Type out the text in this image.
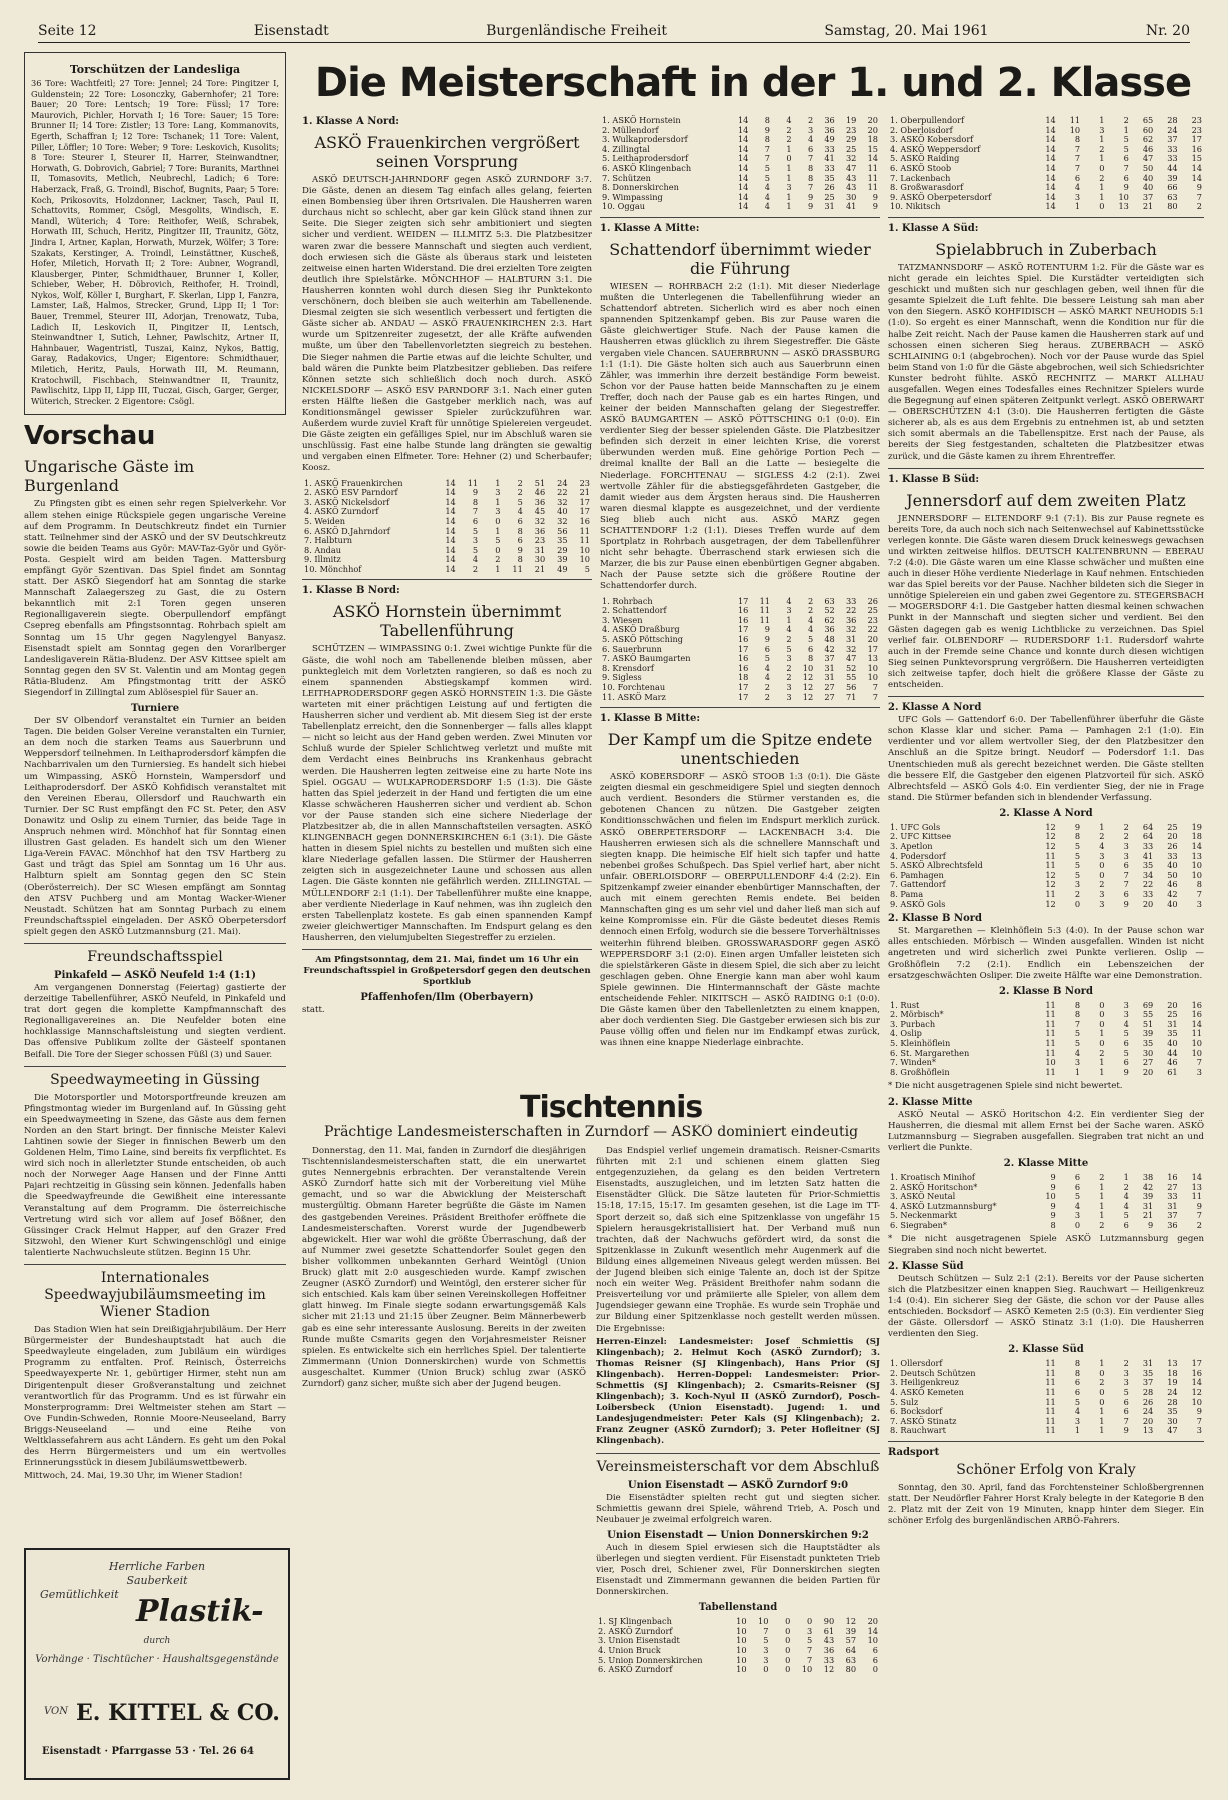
Seite 12	Eisenstadt	Burgenländische Freiheit	Samstag, 20. Mai 1961	Nr. 20
Die Meisterschaft in der 1. und 2. Klasse
Torschützen der Landesliga

36 Tore: Wachtfeitl; 27 Tore: Jennel; 24 Tore: Pingitzer I, Guldenstein; 22 Tore: Losonczky, Gabernhofer; 21 Tore: Bauer; 20 Tore: Lentsch; 19 Tore: Füssl; 17 Tore: Maurovich, Pichler, Horvath I; 16 Tore: Sauer; 15 Tore: Brunner II; 14 Tore: Zistler; 13 Tore: Lang, Kommanovits, Egerth, Schaffran I; 12 Tore: Tschanek; 11 Tore: Valent, Piller, Löffler; 10 Tore: Weber; 9 Tore: Leskovich, Kusolits; 8 Tore: Steurer I, Steurer II, Harrer, Steinwandtner, Horwath, G. Dobrovich, Gabriel; 7 Tore: Buranits, Marthnei II, Tomasovits, Metlich, Neubrechl, Ladich; 6 Tore: Haberzack, Fraß, G. Troindl, Bischof, Bugnits, Paar; 5 Tore: Koch, Prikosovits, Holzdonner, Lackner, Tasch, Paul II, Schattovits, Rommer, Csögl, Mesgolits, Windisch, E. Mandl, Wüterich; 4 Tore: Reithofer, Weiß, Schrabek, Horwath III, Schuch, Heritz, Pingitzer III, Traunitz, Götz, Jindra I, Artner, Kaplan, Horwath, Murzek, Wölfer; 3 Tore: Szakats, Kerstinger, A. Troindl, Leinstättner, Kuscheß, Hofer, Miletich, Horvath II; 2 Tore: Aubner, Wograndl, Klausberger, Pinter, Schmidthauer, Brunner I, Koller, Schieber, Weber, H. Döbrovich, Reithofer, H. Troindl, Nykos, Wolf, Köller I, Burghart, F. Skerlan, Lipp I, Fanzra, Lamster, Laß, Halmos, Strecker, Grund, Lipp II; 1 Tor: Bauer, Tremmel, Steurer III, Adorjan, Trenowatz, Tuba, Ladich II, Leskovich II, Pingitzer II, Lentsch, Steinwandtner I, Sutich, Lehner, Pawlschitz, Artner II, Hahnbauer, Wagentristl, Tuszai, Kainz, Nykos, Battig, Garay, Radakovics, Unger; Eigentore: Schmidthauer, Miletich, Heritz, Pauls, Horwath III, M. Reumann, Kratochwill, Fischbach, Steinwandtner II, Traunitz, Pawlischitz, Lipp II, Lipp III, Tuczai, Gisch, Garger, Gerger, Wüterich, Strecker. 2 Eigentore: Csögl.

Vorschau
Ungarische Gäste im Burgenland

Zu Pfingsten gibt es einen sehr regen Spielverkehr. Vor allem stehen einige Rückspiele gegen ungarische Vereine auf dem Programm. In Deutschkreutz findet ein Turnier statt. Teilnehmer sind der ASKÖ und der SV Deutschkreutz sowie die beiden Teams aus Györ: MAV-Taz-Györ und Györ-Posta. Gespielt wird am beiden Tagen. Mattersburg empfängt Györ Szentivan. Das Spiel findet am Sonntag statt. Der ASKÖ Siegendorf hat am Sonntag die starke Mannschaft Zalaegerszeg zu Gast, die zu Ostern bekanntlich mit 2:1 Toren gegen unseren Regionalligaverein siegte. Oberpullendorf empfängt Csepreg ebenfalls am Pfingstsonntag. Rohrbach spielt am Sonntag um 15 Uhr gegen Nagylengyel Banyasz. Eisenstadt spielt am Sonntag gegen den Vorarlberger Landesligaverein Rätia-Bludenz. Der ASV Kittsee spielt am Sonntag gegen den SV St. Valentin und am Montag gegen Rätia-Bludenz. Am Pfingstmontag tritt der ASKÖ Siegendorf in Zillingtal zum Ablösespiel für Sauer an.

Turniere

Der SV Olbendorf veranstaltet ein Turnier an beiden Tagen. Die beiden Golser Vereine veranstalten ein Turnier, an dem noch die starken Teams aus Sauerbrunn und Weppersdorf teilnehmen. In Leithaprodersdorf kämpfen die Nachbarrivalen um den Turniersieg. Es handelt sich hiebei um Wimpassing, ASKÖ Hornstein, Wampersdorf und Leithaprodersdorf. Der ASKÖ Kohfidisch veranstaltet mit den Vereinen Eberau, Ollersdorf und Rauchwarth ein Turnier. Der SC Rust empfängt den FC St. Peter, den ASV Donawitz und Oslip zu einem Turnier, das beide Tage in Anspruch nehmen wird. Mönchhof hat für Sonntag einen illustren Gast geladen. Es handelt sich um den Wiener Liga-Verein FAVAC. Mönchhof hat den TSV Hartberg zu Gast und trägt das Spiel am Sonntag um 16 Uhr aus. Halbturn spielt am Sonntag gegen den SC Stein (Oberösterreich). Der SC Wiesen empfängt am Sonntag den ATSV Puchberg und am Montag Wacker-Wiener Neustadt. Schützen hat am Sonntag Purbach zu einem Freundschaftsspiel eingeladen. Der ASKÖ Oberpetersdorf spielt gegen den ASKÖ Lutzmannsburg (21. Mai).

Freundschaftsspiel
Pinkafeld — ASKÖ Neufeld 1:4 (1:1)

Am vergangenen Donnerstag (Feiertag) gastierte der derzeitige Tabellenführer, ASKÖ Neufeld, in Pinkafeld und trat dort gegen die komplette Kampfmannschaft des Regionalligavereines an. Die Neufelder boten eine hochklassige Mannschaftsleistung und siegten verdient. Das offensive Publikum zollte der Gästeelf spontanen Beifall. Die Tore der Sieger schossen Füßl (3) und Sauer.

Speedwaymeeting in Güssing

Die Motorsportler und Motorsportfreunde kreuzen am Pfingstmontag wieder im Burgenland auf. In Güssing geht ein Speedwaymeeting in Szene, das Gäste aus dem fernen Norden an den Start bringt. Der finnische Meister Kalevi Lahtinen sowie der Sieger in finnischen Bewerb um den Goldenen Helm, Timo Laine, sind bereits fix verpflichtet. Es wird sich noch in allerletzter Stunde entscheiden, ob auch noch der Norweger Aage Hansen und der Finne Antti Pajari rechtzeitig in Güssing sein können. Jedenfalls haben die Speedwayfreunde die Gewißheit eine interessante Veranstaltung auf dem Programm. Die österreichische Vertretung wird sich vor allem auf Josef Bößner, den Güssinger Crack Helmut Happer, auf den Grazer Fred Sitzwohl, den Wiener Kurt Schwingenschlögl und einige talentierte Nachwuchsleute stützen. Beginn 15 Uhr.

Internationales Speedwayjubiläumsmeeting im Wiener Stadion

Das Stadion Wien hat sein Dreißigjahrjubiläum. Der Herr Bürgermeister der Bundeshauptstadt hat auch die Speedwayleute eingeladen, zum Jubiläum ein würdiges Programm zu entfalten. Prof. Reinisch, Österreichs Speedwayexperte Nr. 1, gebürtiger Hirmer, steht nun am Dirigentenpult dieser Großveranstaltung und zeichnet verantwortlich für das Programm. Und es ist fürwahr ein Monsterprogramm: Drei Weltmeister stehen am Start — Ove Fundin-Schweden, Ronnie Moore-Neuseeland, Barry Briggs-Neuseeland — und eine Reihe von Weltklassefahrern aus acht Ländern. Es geht um den Pokal des Herrn Bürgermeisters und um ein wertvolles Erinnerungsstück in diesem Jubiläumswettbewerb.

Mittwoch, 24. Mai, 19.30 Uhr, im Wiener Stadion!

Herrliche Farben
Sauberkeit
Gemütlichkeit
durch
Plastik-
Vorhänge · Tischtücher · Haushaltsgegenstände
VON E. KITTEL & CO.
Eisenstadt · Pfarrgasse 53 · Tel. 26 64
1. Klasse A Nord:
ASKÖ Frauenkirchen vergrößert seinen Vorsprung

ASKÖ DEUTSCH-JAHRNDORF gegen ASKÖ ZURNDORF 3:7. Die Gäste, denen an diesem Tag einfach alles gelang, feierten einen Bombensieg über ihren Ortsrivalen. Die Hausherren waren durchaus nicht so schlecht, aber gar kein Glück stand ihnen zur Seite. Die Sieger zeigten sich sehr ambitioniert und siegten sicher und verdient. WEIDEN — ILLMITZ 5:3. Die Platzbesitzer waren zwar die bessere Mannschaft und siegten auch verdient, doch erwiesen sich die Gäste als überaus stark und leisteten zeitweise einen harten Widerstand. Die drei erzielten Tore zeigten deutlich ihre Spielstärke. MÖNCHHOF — HALBTURN 3:1. Die Hausherren konnten wohl durch diesen Sieg ihr Punktekonto verschönern, doch bleiben sie auch weiterhin am Tabellenende. Diesmal zeigten sie sich wesentlich verbessert und fertigten die Gäste sicher ab. ANDAU — ASKÖ FRAUENKIRCHEN 2:3. Hart wurde um Spitzenreiter zugesetzt, der alle Kräfte aufwenden mußte, um über den Tabellenvorletzten siegreich zu bestehen. Die Sieger nahmen die Partie etwas auf die leichte Schulter, und bald wären die Punkte beim Platzbesitzer geblieben. Das reifere Können setzte sich schließlich doch noch durch. ASKÖ NICKELSDORF — ASKÖ ESV PARNDORF 3:1. Nach einer guten ersten Hälfte ließen die Gastgeber merklich nach, was auf Konditionsmängel gewisser Spieler zurückzuführen war. Außerdem wurde zuviel Kraft für unnötige Spielereien vergeudet. Die Gäste zeigten ein gefälliges Spiel, nur im Abschluß waren sie unschlüssig. Fast eine halbe Stunde lang drängten sie gewaltig und vergaben einen Elfmeter. Tore: Hehner (2) und Scherbaufer; Koosz.

1. ASKÖ Frauenkirchen	14	11	1	2	51	24	23
2. ASKÖ ESV Parndorf	14	9	3	2	46	22	21
3. ASKÖ Nickelsdorf	14	8	1	5	36	32	17
4. ASKÖ Zurndorf	14	7	3	4	45	40	17
5. Weiden	14	6	0	6	32	32	16
6. ASKÖ D.Jahrndorf	14	5	1	8	36	56	11
7. Halbturn	14	3	5	6	23	35	11
8. Andau	14	5	0	9	31	29	10
9. Illmitz	14	4	2	8	30	39	10
10. Mönchhof	14	2	1	11	21	49	5
1. Klasse B Nord:
ASKÖ Hornstein übernimmt Tabellenführung

SCHÜTZEN — WIMPASSING 0:1. Zwei wichtige Punkte für die Gäste, die wohl noch am Tabellenende bleiben müssen, aber punktegleich mit dem Vorletzten rangieren, so daß es noch zu einem spannenden Abstiegskampf kommen wird. LEITHAPRODERSDORF gegen ASKÖ HORNSTEIN 1:3. Die Gäste warteten mit einer prächtigen Leistung auf und fertigten die Hausherren sicher und verdient ab. Mit diesem Sieg ist der erste Tabellenplatz erreicht, den die Sonnenberger — falls alles klappt — nicht so leicht aus der Hand geben werden. Zwei Minuten vor Schluß wurde der Spieler Schlichtweg verletzt und mußte mit dem Verdacht eines Beinbruchs ins Krankenhaus gebracht werden. Die Hausherren legten zeitweise eine zu harte Note ins Spiel. OGGAU — WULKAPRODERSDORF 1:5 (1:3). Die Gäste hatten das Spiel jederzeit in der Hand und fertigten die um eine Klasse schwächeren Hausherren sicher und verdient ab. Schon vor der Pause standen sich eine sichere Niederlage der Platzbesitzer ab, die in allen Mannschaftsteilen versagten. ASKÖ KLINGENBACH gegen DONNERSKIRCHEN 6:1 (3:1). Die Gäste hatten in diesem Spiel nichts zu bestellen und mußten sich eine klare Niederlage gefallen lassen. Die Stürmer der Hausherren zeigten sich in ausgezeichneter Laune und schossen aus allen Lagen. Die Gäste konnten nie gefährlich werden. ZILLINGTAL — MÜLLENDORF 2:1 (1:1). Der Tabellenführer mußte eine knappe, aber verdiente Niederlage in Kauf nehmen, was ihn zugleich den ersten Tabellenplatz kostete. Es gab einen spannenden Kampf zweier gleichwertiger Mannschaften. Im Endspurt gelang es den Hausherren, den vielumjubelten Siegestreffer zu erzielen.

Am Pfingstsonntag, dem 21. Mai, findet um 16 Uhr ein Freundschaftsspiel in Großpetersdorf gegen den deutschen Sportklub

Pfaffenhofen/Ilm (Oberbayern)

statt.

1. ASKÖ Hornstein	14	8	4	2	36	19	20
2. Müllendorf	14	9	2	3	36	23	20
3. Wulkaprodersdorf	14	8	2	4	49	29	18
4. Zillingtal	14	7	1	6	33	25	15
5. Leithaprodersdorf	14	7	0	7	41	32	14
6. ASKÖ Klingenbach	14	5	1	8	33	47	11
7. Schützen	14	5	1	8	35	43	11
8. Donnerskirchen	14	4	3	7	26	43	11
9. Wimpassing	14	4	1	9	25	30	9
10. Oggau	14	4	1	9	31	41	9
1. Klasse A Mitte:
Schattendorf übernimmt wieder die Führung

WIESEN — ROHRBACH 2:2 (1:1). Mit dieser Niederlage mußten die Unterlegenen die Tabellenführung wieder an Schattendorf abtreten. Sicherlich wird es aber noch einen spannenden Spitzenkampf geben. Bis zur Pause waren die Gäste gleichwertiger Stufe. Nach der Pause kamen die Hausherren etwas glücklich zu ihrem Siegestreffer. Die Gäste vergaben viele Chancen. SAUERBRUNN — ASKÖ DRASSBURG 1:1 (1:1). Die Gäste holten sich auch aus Sauerbrunn einen Zähler, was immerhin ihre derzeit beständige Form beweist. Schon vor der Pause hatten beide Mannschaften zu je einem Treffer, doch nach der Pause gab es ein hartes Ringen, und keiner der beiden Mannschaften gelang der Siegestreffer. ASKÖ BAUMGARTEN — ASKÖ PÖTTSCHING 0:1 (0:0). Ein verdienter Sieg der besser spielenden Gäste. Die Platzbesitzer befinden sich derzeit in einer leichten Krise, die vorerst überwunden werden muß. Eine gehörige Portion Pech — dreimal knallte der Ball an die Latte — besiegelte die Niederlage. FORCHTENAU — SIGLESS 4:2 (2:1). Zwei wertvolle Zähler für die abstiegsgefährdeten Gastgeber, die damit wieder aus dem Ärgsten heraus sind. Die Hausherren waren diesmal klappte es ausgezeichnet, und der verdiente Sieg blieb auch nicht aus. ASKÖ MARZ gegen SCHATTENDORF 1:2 (1:1). Dieses Treffen wurde auf dem Sportplatz in Rohrbach ausgetragen, der dem Tabellenführer nicht sehr behagte. Überraschend stark erwiesen sich die Marzer, die bis zur Pause einen ebenbürtigen Gegner abgaben. Nach der Pause setzte sich die größere Routine der Schattendorfer durch.

1. Rohrbach	17	11	4	2	63	33	26
2. Schattendorf	16	11	3	2	52	22	25
3. Wiesen	16	11	1	4	62	36	23
4. ASKÖ Draßburg	17	9	4	4	36	32	22
5. ASKÖ Pöttsching	16	9	2	5	48	31	20
6. Sauerbrunn	17	6	5	6	42	32	17
7. ASKÖ Baumgarten	16	5	3	8	37	47	13
8. Krensdorf	16	4	2	10	31	52	10
9. Sigless	18	4	2	12	31	55	10
10. Forchtenau	17	2	3	12	27	56	7
11. ASKÖ Marz	17	2	3	12	27	71	7
1. Klasse B Mitte:
Der Kampf um die Spitze endete unentschieden

ASKÖ KOBERSDORF — ASKÖ STOOB 1:3 (0:1). Die Gäste zeigten diesmal ein geschmeidigere Spiel und siegten dennoch auch verdient. Besonders die Stürmer verstanden es, die gebotenen Chancen zu nützen. Die Gastgeber zeigten Konditionsschwächen und fielen im Endspurt merklich zurück. ASKÖ OBERPETERSDORF — LACKENBACH 3:4. Die Hausherren erwiesen sich als die schnellere Mannschaft und siegten knapp. Die heimische Elf hielt sich tapfer und hatte nebenbei großes Schußpech. Das Spiel verlief hart, aber nicht unfair. OBERLOISDORF — OBERPULLENDORF 4:4 (2:2). Ein Spitzenkampf zweier einander ebenbürtiger Mannschaften, der auch mit einem gerechten Remis endete. Bei beiden Mannschaften ging es um sehr viel und daher ließ man sich auf keine Kompromisse ein. Für die Gäste bedeutet dieses Remis dennoch einen Erfolg, wodurch sie die bessere Torverhältnisses weiterhin führend bleiben. GROSSWARASDORF gegen ASKÖ WEPPERSDORF 3:1 (2:0). Einen argen Umfaller leisteten sich die spielstärkeren Gäste in diesem Spiel, die sich aber zu leicht geschlagen geben. Ohne Energie kann man aber wohl kaum Spiele gewinnen. Die Hintermannschaft der Gäste machte entscheidende Fehler. NIKITSCH — ASKÖ RAIDING 0:1 (0:0). Die Gäste kamen über den Tabellenletzten zu einem knappen, aber doch verdienten Sieg. Die Gastgeber erwiesen sich bis zur Pause völlig offen und fielen nur im Endkampf etwas zurück, was ihnen eine knappe Niederlage einbrachte.

Tischtennis
Prächtige Landesmeisterschaften in Zurndorf — ASKÖ dominiert eindeutig

Donnerstag, den 11. Mai, fanden in Zurndorf die diesjährigen Tischtennislandesmeisterschaften statt, die ein unerwartet gutes Nennergebnis erbrachten. Der veranstaltende Verein ASKÖ Zurndorf hatte sich mit der Vorbereitung viel Mühe gemacht, und so war die Abwicklung der Meisterschaft mustergültig. Obmann Hareter begrüßte die Gäste im Namen des gastgebenden Vereines. Präsident Breithofer eröffnete die Landesmeisterschaften. Vorerst wurde der Jugendbewerb abgewickelt. Hier war wohl die größte Überraschung, daß der auf Nummer zwei gesetzte Schattendorfer Soulet gegen den bisher vollkommen unbekannten Gerhard Weintögl (Union Bruck) glatt mit 2:0 ausgeschieden wurde. Kampf zwischen Zeugner (ASKÖ Zurndorf) und Weintögl, den ersterer sicher für sich entschied. Kals kam über seinen Vereinskollegen Hoffeitner glatt hinweg. Im Finale siegte sodann erwartungsgemäß Kals sicher mit 21:13 und 21:15 über Zeugner. Beim Männerbewerb gab es eine sehr interessante Auslosung. Bereits in der zweiten Runde mußte Csmarits gegen den Vorjahresmeister Reisner spielen. Es entwickelte sich ein herrliches Spiel. Der talentierte Zimmermann (Union Donnerskirchen) wurde von Schmettis ausgeschaltet. Kummer (Union Bruck) schlug zwar (ASKÖ Zurndorf) ganz sicher, mußte sich aber der Jugend beugen.

Das Endspiel verlief ungemein dramatisch. Reisner-Csmarits führten mit 2:1 und schienen einem glatten Sieg entgegenzuziehen, da gelang es den beiden Vertretern Eisenstadts, auszugleichen, und im letzten Satz hatten die Eisenstädter Glück. Die Sätze lauteten für Prior-Schmiettis 15:18, 17:15, 15:17. Im gesamten gesehen, ist die Lage im TT-Sport derzeit so, daß sich eine Spitzenklasse von ungefähr 15 Spielern herausgekristallisiert hat. Der Verband muß nun trachten, daß der Nachwuchs gefördert wird, da sonst die Spitzenklasse in Zukunft wesentlich mehr Augenmerk auf die Bildung eines allgemeinen Niveaus gelegt werden müssen. Bei der Jugend bleiben sich einige Talente an, doch ist der Spitze noch ein weiter Weg. Präsident Breithofer nahm sodann die Preisverteilung vor und prämiierte alle Spieler, von allem dem Jugendsieger gewann eine Trophäe. Es wurde sein Trophäe und zur Bildung einer Spitzenklasse noch gestellt werden müssen. Die Ergebnisse:

Herren-Einzel: Landesmeister: Josef Schmiettis (SJ Klingenbach); 2. Helmut Koch (ASKÖ Zurndorf); 3. Thomas Reisner (SJ Klingenbach), Hans Prior (SJ Klingenbach). Herren-Doppel: Landesmeister: Prior-Schmettis (SJ Klingenbach); 2. Csmarits-Reisner (SJ Klingenbach); 3. Koch-Nyul II (ASKÖ Zurndorf), Posch-Loibersbeck (Union Eisenstadt). Jugend: 1. und Landesjugendmeister: Peter Kals (SJ Klingenbach); 2. Franz Zeugner (ASKÖ Zurndorf); 3. Peter Hofleitner (SJ Klingenbach).

Vereinsmeisterschaft vor dem Abschluß
Union Eisenstadt — ASKÖ Zurndorf 9:0

Die Eisenstädter spielten recht gut und siegten sicher. Schmiettis gewann drei Spiele, während Trieb, A. Posch und Neubauer je zweimal erfolgreich waren.

Union Eisenstadt — Union Donnerskirchen 9:2

Auch in diesem Spiel erwiesen sich die Hauptstädter als überlegen und siegten verdient. Für Eisenstadt punkteten Trieb vier, Posch drei, Schiener zwei, Für Donnerskirchen siegten Eisenstadt und Zimmermann gewannen die beiden Partien für Donnerskirchen.

Tabellenstand
1. SJ Klingenbach	10	10	0	0	90	12	20
2. ASKÖ Zurndorf	10	7	0	3	61	39	14
3. Union Eisenstadt	10	5	0	5	43	57	10
4. Union Bruck	10	3	0	7	36	64	6
5. Union Donnerskirchen	10	3	0	7	33	63	6
6. ASKÖ Zurndorf	10	0	0	10	12	80	0
1. Oberpullendorf	14	11	1	2	65	28	23
2. Oberloisdorf	14	10	3	1	60	24	23
3. ASKÖ Kobersdorf	14	8	1	5	62	37	17
4. ASKÖ Weppersdorf	14	7	2	5	46	33	16
5. ASKÖ Raiding	14	7	1	6	47	33	15
6. ASKÖ Stoob	14	7	0	7	50	44	14
7. Lackenbach	14	6	2	6	40	39	14
8. Großwarasdorf	14	4	1	9	40	66	9
9. ASKÖ Oberpetersdorf	14	3	1	10	37	63	7
10. Nikitsch	14	1	0	13	21	80	2
1. Klasse A Süd:
Spielabbruch in Zuberbach

TATZMANNSDORF — ASKÖ ROTENTURM 1:2. Für die Gäste war es nicht gerade ein leichtes Spiel. Die Kurstädter verteidigten sich geschickt und mußten sich nur geschlagen geben, weil ihnen für die gesamte Spielzeit die Luft fehlte. Die bessere Leistung sah man aber von den Siegern. ASKÖ KOHFIDISCH — ASKÖ MARKT NEUHODIS 5:1 (1:0). So ergeht es einer Mannschaft, wenn die Kondition nur für die halbe Zeit reicht. Nach der Pause kamen die Hausherren stark auf und schossen einen sicheren Sieg heraus. ZUBERBACH — ASKÖ SCHLAINING 0:1 (abgebrochen). Noch vor der Pause wurde das Spiel beim Stand von 1:0 für die Gäste abgebrochen, weil sich Schiedsrichter Kunster bedroht fühlte. ASKÖ RECHNITZ — MARKT ALLHAU ausgefallen. Wegen eines Todesfalles eines Rechnitzer Spielers wurde die Begegnung auf einen späteren Zeitpunkt verlegt. ASKÖ OBERWART — OBERSCHÜTZEN 4:1 (3:0). Die Hausherren fertigten die Gäste sicherer ab, als es aus dem Ergebnis zu entnehmen ist, ab und setzten sich somit abermals an die Tabellenspitze. Erst nach der Pause, als bereits der Sieg festgestanden, schalteten die Platzbesitzer etwas zurück, und die Gäste kamen zu ihrem Ehrentreffer.

1. Klasse B Süd:
Jennersdorf auf dem zweiten Platz

JENNERSDORF — ELTENDORF 9:1 (7:1). Bis zur Pause regnete es bereits Tore, da auch noch sich nach Seitenwechsel auf Kabinettsstücke verlegen konnte. Die Gäste waren diesem Druck keineswegs gewachsen und wirkten zeitweise hilflos. DEUTSCH KALTENBRUNN — EBERAU 7:2 (4:0). Die Gäste waren um eine Klasse schwächer und mußten eine auch in dieser Höhe verdiente Niederlage in Kauf nehmen. Entschieden war das Spiel bereits vor der Pause. Nachher bildeten sich die Sieger in unnötige Spielereien ein und gaben zwei Gegentore zu. STEGERSBACH — MOGERSDORF 4:1. Die Gastgeber hatten diesmal keinen schwachen Punkt in der Mannschaft und siegten sicher und verdient. Bei den Gästen dagegen gab es wenig Lichtblicke zu verzeichnen. Das Spiel verlief fair. OLBENDORF — RUDERSDORF 1:1. Rudersdorf wahrte auch in der Fremde seine Chance und konnte durch diesen wichtigen Sieg seinen Punktevorsprung vergrößern. Die Hausherren verteidigten sich zeitweise tapfer, doch hielt die größere Klasse der Gäste zu entscheiden.

2. Klasse A Nord

UFC Gols — Gattendorf 6:0. Der Tabellenführer überfuhr die Gäste schon Klasse klar und sicher. Pama — Pamhagen 2:1 (1:0). Ein verdienter und vor allem wertvoller Sieg, der den Platzbesitzer den Anschluß an die Spitze bringt. Neudorf — Podersdorf 1:1. Das Unentschieden muß als gerecht bezeichnet werden. Die Gäste stellten die bessere Elf, die Gastgeber den eigenen Platzvorteil für sich. ASKÖ Albrechtsfeld — ASKÖ Gols 4:0. Ein verdienter Sieg, der nie in Frage stand. Die Stürmer befanden sich in blendender Verfassung.

2. Klasse A Nord
1. UFC Gols	12	9	1	2	64	25	19
2. UFC Kittsee	12	8	2	2	64	20	18
3. Apetlon	12	5	4	3	33	26	14
4. Podersdorf	11	5	3	3	41	33	13
5. ASKÖ Albrechtsfeld	11	5	0	6	35	40	10
6. Pamhagen	12	5	0	7	34	50	10
7. Gattendorf	12	3	2	7	22	46	8
8. Pama	11	2	3	6	33	42	7
9. ASKÖ Gols	12	0	3	9	20	40	3
2. Klasse B Nord

St. Margarethen — Kleinhöflein 5:3 (4:0). In der Pause schon war alles entschieden. Mörbisch — Winden ausgefallen. Winden ist nicht angetreten und wird sicherlich zwei Punkte verlieren. Oslip — Großhöflein 7:2 (2:1). Endlich ein Lebenszeichen der ersatzgeschwächten Osliper. Die zweite Hälfte war eine Demonstration.

2. Klasse B Nord
1. Rust	11	8	0	3	69	20	16
2. Mörbisch*	11	8	0	3	55	25	16
3. Purbach	11	7	0	4	51	31	14
4. Oslip	11	5	1	5	39	35	11
5. Kleinhöflein	11	5	0	6	35	40	10
6. St. Margarethen	11	4	2	5	30	44	10
7. Winden*	10	3	1	6	27	46	7
8. Großhöflein	11	1	1	9	20	61	3

* Die nicht ausgetragenen Spiele sind nicht bewertet.

2. Klasse Mitte

ASKÖ Neutal — ASKÖ Horitschon 4:2. Ein verdienter Sieg der Hausherren, die diesmal mit allem Ernst bei der Sache waren. ASKÖ Lutzmannsburg — Siegraben ausgefallen. Siegraben trat nicht an und verliert die Punkte.

2. Klasse Mitte
1. Kroatisch Minihof	9	6	2	1	38	16	14
2. ASKÖ Horitschon*	9	6	1	2	42	27	13
3. ASKÖ Neutal	10	5	1	4	39	33	11
4. ASKÖ Lutzmannsburg*	9	4	1	4	31	31	9
5. Neckenmarkt	9	3	1	5	21	37	7
6. Siegraben*	8	0	2	6	9	36	2

* Die nicht ausgetragenen Spiele ASKÖ Lutzmannsburg gegen Siegraben sind noch nicht bewertet.

2. Klasse Süd

Deutsch Schützen — Sulz 2:1 (2:1). Bereits vor der Pause sicherten sich die Platzbesitzer einen knappen Sieg. Rauchwart — Heiligenkreuz 1:4 (0:4). Ein sicherer Sieg der Gäste, die schon vor der Pause alles entschieden. Bocksdorf — ASKÖ Kemeten 2:5 (0:3). Ein verdienter Sieg der Gäste. Ollersdorf — ASKÖ Stinatz 3:1 (1:0). Die Hausherren verdienten den Sieg.

2. Klasse Süd
1. Ollersdorf	11	8	1	2	31	13	17
2. Deutsch Schützen	11	8	0	3	35	18	16
3. Heiligenkreuz	11	6	2	3	37	19	14
4. ASKÖ Kemeten	11	6	0	5	28	24	12
5. Sulz	11	5	0	6	26	28	10
6. Bocksdorf	11	4	1	6	24	35	9
7. ASKÖ Stinatz	11	3	1	7	20	30	7
8. Rauchwart	11	1	1	9	13	47	3
Radsport
Schöner Erfolg von Kraly

Sonntag, den 30. April, fand das Forchtensteiner Schloßbergrennen statt. Der Neudörfler Fahrer Horst Kraly belegte in der Kategorie B den 2. Platz mit der Zeit von 19 Minuten, knapp hinter dem Sieger. Ein schöner Erfolg des burgenländischen ARBÖ-Fahrers.
